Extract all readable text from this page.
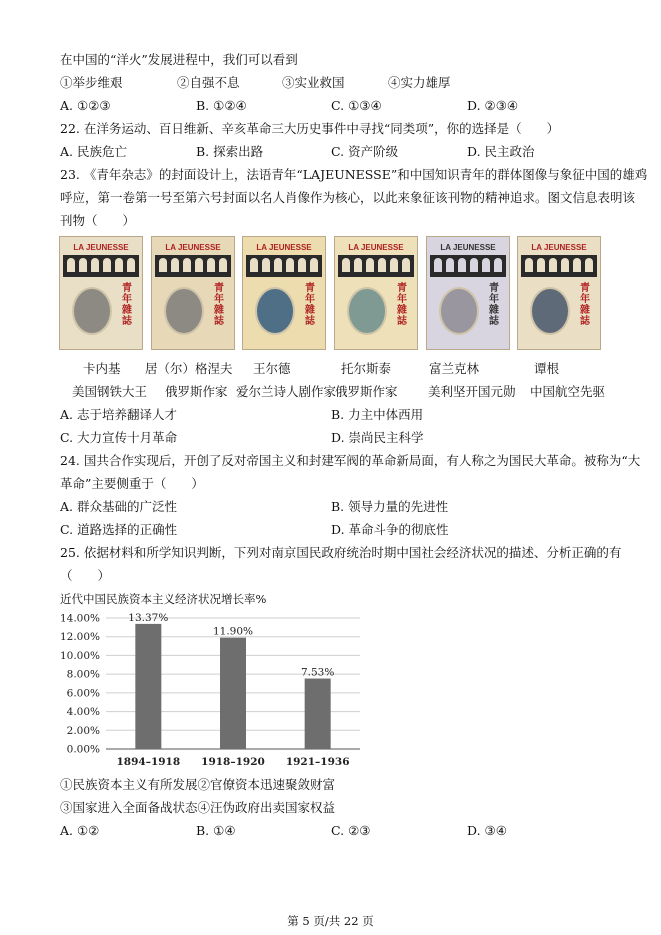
在中国的“洋火”发展进程中，我们可以看到
①举步维艰	②自强不息	③实业救国	④实力雄厚
A. ①②③	B. ①②④	C. ①③④	D. ②③④
22. 在洋务运动、百日维新、辛亥革命三大历史事件中寻找“同类项”，你的选择是（　　）
A. 民族危亡	B. 探索出路	C. 资产阶级	D. 民主政治
23. 《青年杂志》的封面设计上，法语青年“LAJEUNESSE”和中国知识青年的群体图像与象征中国的雄鸡
呼应，第一卷第一号至第六号封面以名人肖像作为核心，以此来象征该刊物的精神追求。图文信息表明该
刊物（　　）
LA JEUNESSE
青年雜誌
LA JEUNESSE
青年雜誌
LA JEUNESSE
青年雜誌
LA JEUNESSE
青年雜誌
LA JEUNESSE
青年雜誌
LA JEUNESSE
青年雜誌
卡内基 居（尔）格涅夫 王尔德	托尔斯泰	富兰克林	谭根
美国钢铁大王 俄罗斯作家 爱尔兰诗人剧作家
俄罗斯作家 美利坚开国元勋 中国航空先驱
A. 志于培养翻译人才	B. 力主中体西用
C. 大力宣传十月革命	D. 崇尚民主科学
24. 国共合作实现后，开创了反对帝国主义和封建军阀的革命新局面，有人称之为国民大革命。被称为“大
革命”主要侧重于（　　）
A. 群众基础的广泛性	B. 领导力量的先进性
C. 道路选择的正确性	D. 革命斗争的彻底性
25. 依据材料和所学知识判断，下列对南京国民政府统治时期中国社会经济状况的描述、分析正确的有
（　　）
近代中国民族资本主义经济状况增长率%
0.00%
2.00%
4.00%
6.00%
8.00%
10.00%
12.00%
14.00%	13.37%
1894–1918
11.90%
1918–1920
7.53%
1921–1936
①民族资本主义有所发展②官僚资本迅速聚敛财富
③国家进入全面备战状态④汪伪政府出卖国家权益
A. ①②	B. ①④	C. ②③	D. ③④
第 5 页/共 22 页
